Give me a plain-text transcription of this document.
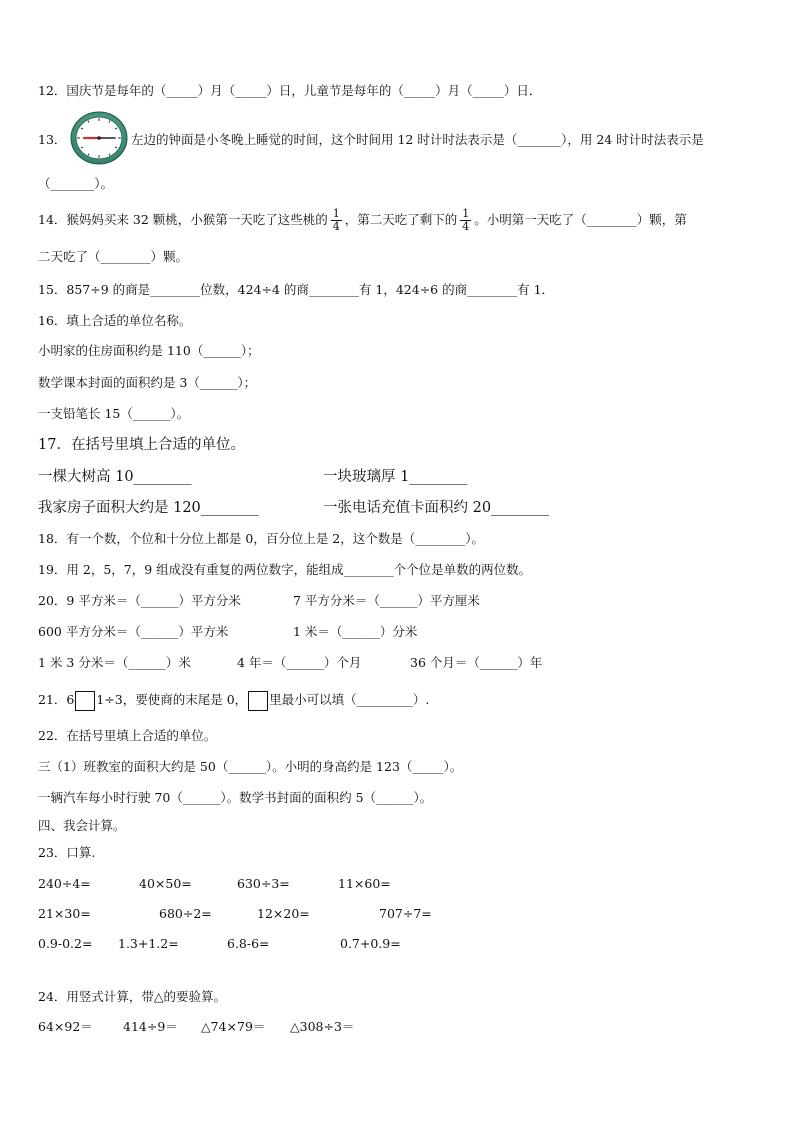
12．国庆节是每年的（_____）月（_____）日，儿童节是每年的（_____）月（_____）日．
13．	左边的钟面是小冬晚上睡觉的时间，这个时间用 12 时计时法表示是（_______），用 24 时计时法表示是
（_______）。
14．猴妈妈买来 32 颗桃，小猴第一天吃了这些桃的 $\frac{1}{4}$ ，第二天吃了剩下的 $\frac{1}{4}$ 。小明第一天吃了（________）颗，第
二天吃了（________）颗。
15．857÷9 的商是________位数，424÷4 的商________有 1，424÷6 的商________有 1．
16．填上合适的单位名称。
小明家的住房面积约是 110（______）；
数学课本封面的面积约是 3（______）；
一支铅笔长 15（______）。
17．在括号里填上合适的单位。
一棵大树高 10________	一块玻璃厚 1________
我家房子面积大约是 120________	一张电话充值卡面积约 20________
18．有一个数，个位和十分位上都是 0，百分位上是 2，这个数是（________）。
19．用 2，5，7，9 组成没有重复的两位数字，能组成________个个位是单数的两位数。
20．9 平方米＝（______）平方分米	7 平方分米＝（______）平方厘米
600 平方分米＝（______）平方米	1 米＝（______）分米
1 米 3 分米＝（______）米	4 年＝（______）个月	36 个月＝（______）年
21．6 1÷3，要使商的末尾是 0， 里最小可以填（_________）.
22．在括号里填上合适的单位。
三（1）班教室的面积大约是 50（______）。小明的身高约是 123（_____）。
一辆汽车每小时行驶 70（______）。数学书封面的面积约 5（______）。
四、我会计算。
23．口算.
240÷4=	40×50=	630÷3=	11×60=
21×30=	680÷2=	12×20=	707÷7=
0.9-0.2= 1.3+1.2=	6.8-6=	0.7+0.9=
24．用竖式计算，带△的要验算。
64×92＝ 414÷9＝ △74×79＝ △308÷3＝
